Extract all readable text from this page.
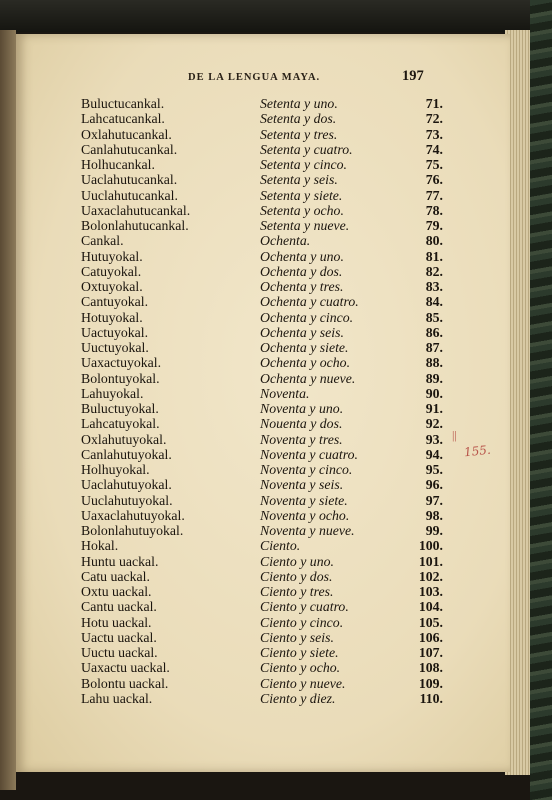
DE LA LENGUA MAYA.	197
Buluctucankal.	Setenta y uno.	71.
Lahcatucankal.	Setenta y dos.	72.
Oxlahutucankal.	Setenta y tres.	73.
Canlahutucankal.	Setenta y cuatro.	74.
Holhucankal.	Setenta y cinco.	75.
Uaclahutucankal.	Setenta y seis.	76.
Uuclahutucankal.	Setenta y siete.	77.
Uaxaclahutucankal.	Setenta y ocho.	78.
Bolonlahutucankal.	Setenta y nueve.	79.
Cankal.	Ochenta.	80.
Hutuyokal.	Ochenta y uno.	81.
Catuyokal.	Ochenta y dos.	82.
Oxtuyokal.	Ochenta y tres.	83.
Cantuyokal.	Ochenta y cuatro.	84.
Hotuyokal.	Ochenta y cinco.	85.
Uactuyokal.	Ochenta y seis.	86.
Uuctuyokal.	Ochenta y siete.	87.
Uaxactuyokal.	Ochenta y ocho.	88.
Bolontuyokal.	Ochenta y nueve.	89.
Lahuyokal.	Noventa.	90.
Buluctuyokal.	Noventa y uno.	91.
Lahcatuyokal.	Nouenta y dos.	92.
Oxlahutuyokal.	Noventa y tres.	93.
Canlahutuyokal.	Noventa y cuatro.	94.
Holhuyokal.	Noventa y cinco.	95.
Uaclahutuyokal.	Noventa y seis.	96.
Uuclahutuyokal.	Noventa y siete.	97.
Uaxaclahutuyokal.	Noventa y ocho.	98.
Bolonlahutuyokal.	Noventa y nueve.	99.
Hokal.	Ciento.	100.
Huntu uackal.	Ciento y uno.	101.
Catu uackal.	Ciento y dos.	102.
Oxtu uackal.	Ciento y tres.	103.
Cantu uackal.	Ciento y cuatro.	104.
Hotu uackal.	Ciento y cinco.	105.
Uactu uackal.	Ciento y seis.	106.
Uuctu uackal.	Ciento y siete.	107.
Uaxactu uackal.	Ciento y ocho.	108.
Bolontu uackal.	Ciento y nueve.	109.
Lahu uackal.	Ciento y diez.	110.
||
155.
